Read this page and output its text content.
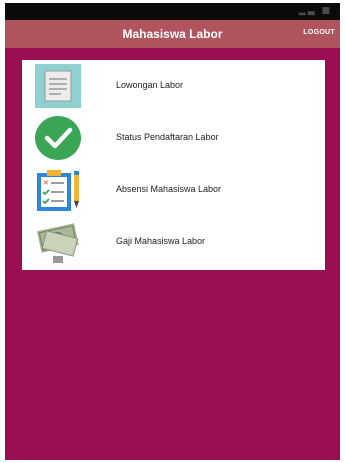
▂▃ ■
Mahasiswa Labor	LOGOUT
Lowongan Labor
Status Pendaftaran Labor
✕
Absensi Mahasiswa Labor
Gaji Mahasiswa Labor
